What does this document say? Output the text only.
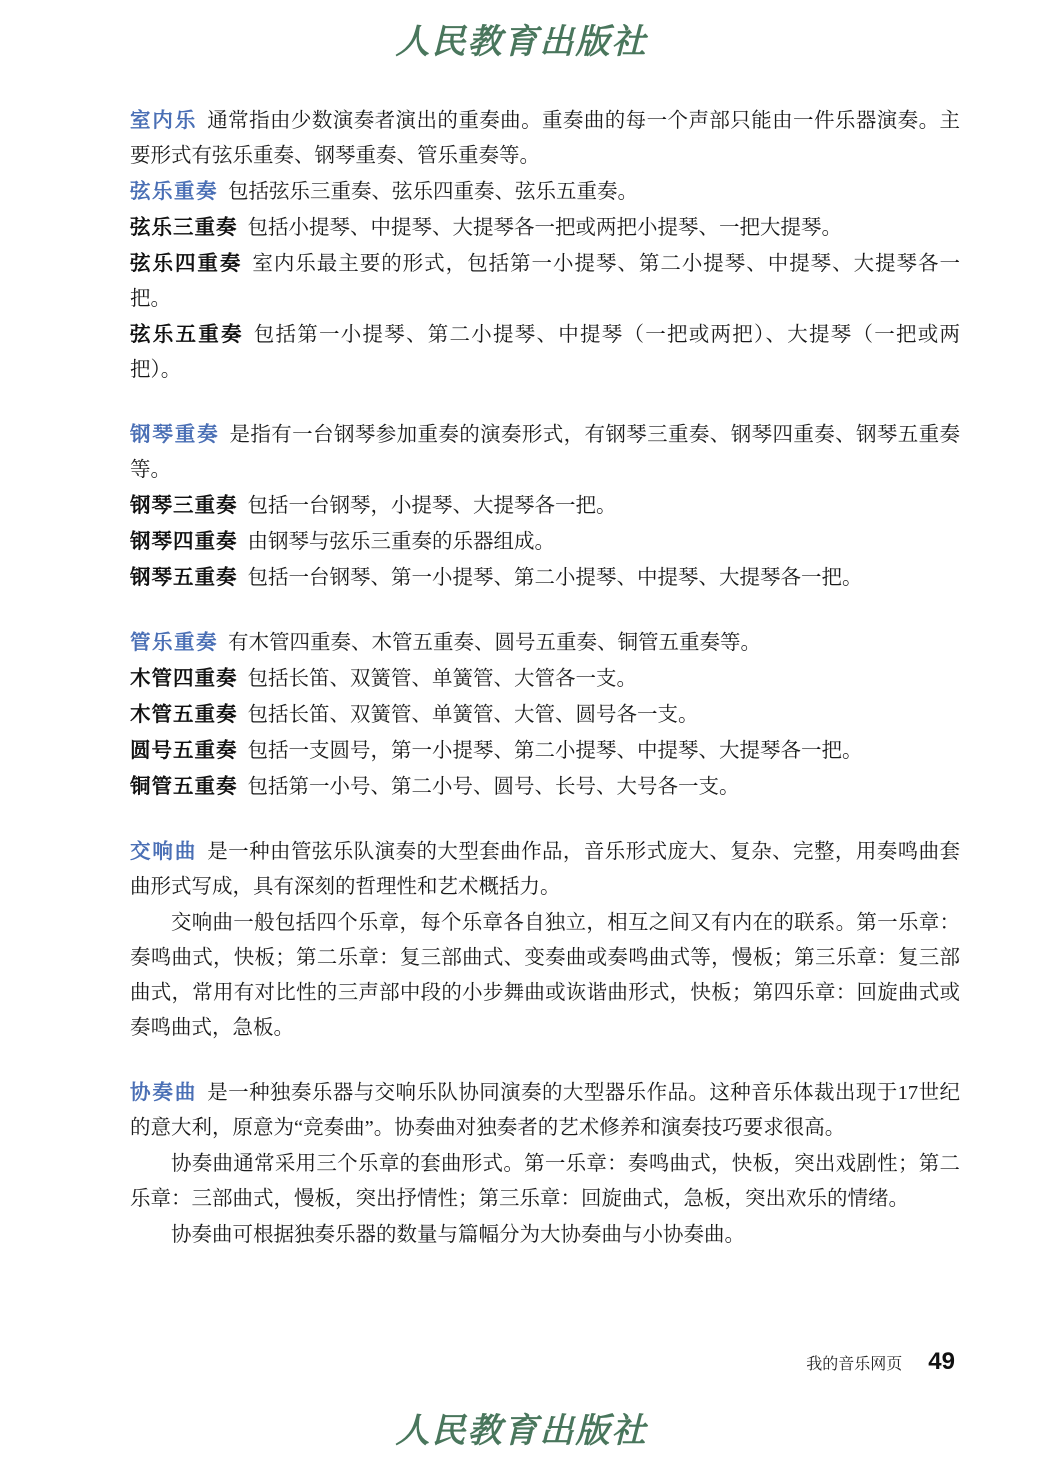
人民教育出版社

室内乐 通常指由少数演奏者演出的重奏曲。重奏曲的每一个声部只能由一件乐器演奏。主要形式有弦乐重奏、钢琴重奏、管乐重奏等。

弦乐重奏 包括弦乐三重奏、弦乐四重奏、弦乐五重奏。

弦乐三重奏 包括小提琴、中提琴、大提琴各一把或两把小提琴、一把大提琴。

弦乐四重奏 室内乐最主要的形式，包括第一小提琴、第二小提琴、中提琴、大提琴各一把。

弦乐五重奏 包括第一小提琴、第二小提琴、中提琴（一把或两把）、大提琴（一把或两把）。

钢琴重奏 是指有一台钢琴参加重奏的演奏形式，有钢琴三重奏、钢琴四重奏、钢琴五重奏等。

钢琴三重奏 包括一台钢琴，小提琴、大提琴各一把。

钢琴四重奏 由钢琴与弦乐三重奏的乐器组成。

钢琴五重奏 包括一台钢琴、第一小提琴、第二小提琴、中提琴、大提琴各一把。

管乐重奏 有木管四重奏、木管五重奏、圆号五重奏、铜管五重奏等。

木管四重奏 包括长笛、双簧管、单簧管、大管各一支。

木管五重奏 包括长笛、双簧管、单簧管、大管、圆号各一支。

圆号五重奏 包括一支圆号，第一小提琴、第二小提琴、中提琴、大提琴各一把。

铜管五重奏 包括第一小号、第二小号、圆号、长号、大号各一支。

交响曲 是一种由管弦乐队演奏的大型套曲作品，音乐形式庞大、复杂、完整，用奏鸣曲套曲形式写成，具有深刻的哲理性和艺术概括力。

交响曲一般包括四个乐章，每个乐章各自独立，相互之间又有内在的联系。第一乐章：奏鸣曲式，快板；第二乐章：复三部曲式、变奏曲或奏鸣曲式等，慢板；第三乐章：复三部曲式，常用有对比性的三声部中段的小步舞曲或诙谐曲形式，快板；第四乐章：回旋曲式或奏鸣曲式，急板。

协奏曲 是一种独奏乐器与交响乐队协同演奏的大型器乐作品。这种音乐体裁出现于17世纪的意大利，原意为“竞奏曲”。协奏曲对独奏者的艺术修养和演奏技巧要求很高。

协奏曲通常采用三个乐章的套曲形式。第一乐章：奏鸣曲式，快板，突出戏剧性；第二乐章：三部曲式，慢板，突出抒情性；第三乐章：回旋曲式，急板，突出欢乐的情绪。

协奏曲可根据独奏乐器的数量与篇幅分为大协奏曲与小协奏曲。

我的音乐网页 49
人民教育出版社
